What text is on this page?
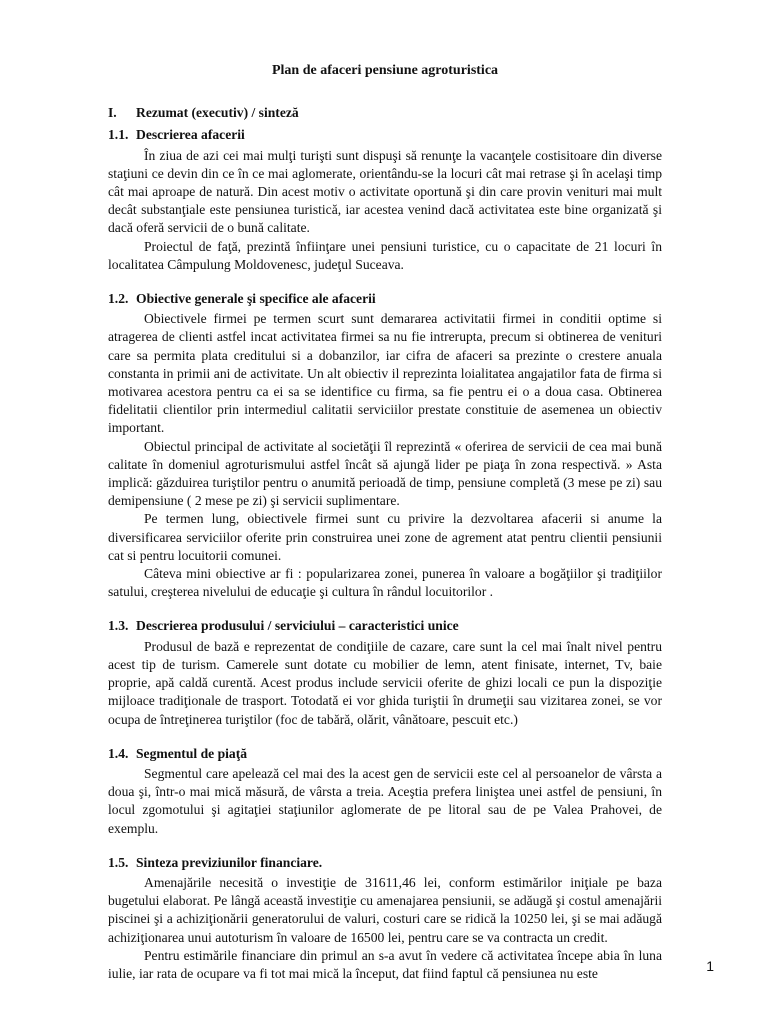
Plan de afaceri pensiune agroturistica
I. Rezumat (executiv) / sinteză
1.1. Descrierea afacerii

În ziua de azi cei mai mulţi turişti sunt dispuşi să renunţe la vacanţele costisitoare din diverse staţiuni ce devin din ce în ce mai aglomerate, orientându-se la locuri cât mai retrase şi în acelaşi timp cât mai aproape de natură. Din acest motiv o activitate oportună şi din care provin venituri mai mult decât substanţiale este pensiunea turistică, iar acestea venind dacă activitatea este bine organizată şi dacă oferă servicii de o bună calitate.

Proiectul de faţă, prezintă înfiinţare unei pensiuni turistice, cu o capacitate de 21 locuri în localitatea Câmpulung Moldovenesc, judeţul Suceava.

1.2. Obiective generale şi specifice ale afacerii

Obiectivele firmei pe termen scurt sunt demararea activitatii firmei in conditii optime si atragerea de clienti astfel incat activitatea firmei sa nu fie intrerupta, precum si obtinerea de venituri care sa permita plata creditului si a dobanzilor, iar cifra de afaceri sa prezinte o crestere anuala constanta in primii ani de activitate. Un alt obiectiv il reprezinta loialitatea angajatilor fata de firma si motivarea acestora pentru ca ei sa se identifice cu firma, sa fie pentru ei o a doua casa. Obtinerea fidelitatii clientilor prin intermediul calitatii serviciilor prestate constituie de asemenea un obiectiv important.

Obiectul principal de activitate al societăţii îl reprezintă « oferirea de servicii de cea mai bună calitate în domeniul agroturismului astfel încât să ajungă lider pe piaţa în zona respectivă. » Asta implică: găzduirea turiştilor pentru o anumită perioadă de timp, pensiune completă (3 mese pe zi) sau demipensiune ( 2 mese pe zi) şi servicii suplimentare.

Pe termen lung, obiectivele firmei sunt cu privire la dezvoltarea afacerii si anume la diversificarea serviciilor oferite prin construirea unei zone de agrement atat pentru clientii pensiunii cat si pentru locuitorii comunei.

Câteva mini obiective ar fi : popularizarea zonei, punerea în valoare a bogăţiilor şi tradiţiilor satului, creşterea nivelului de educaţie şi cultura în rândul locuitorilor .

1.3. Descrierea produsului / serviciului – caracteristici unice

Produsul de bază e reprezentat de condiţiile de cazare, care sunt la cel mai înalt nivel pentru acest tip de turism. Camerele sunt dotate cu mobilier de lemn, atent finisate, internet, Tv, baie proprie, apă caldă curentă. Acest produs include servicii oferite de ghizi locali ce pun la dispoziţie mijloace tradiţionale de trasport. Totodată ei vor ghida turiştii în drumeţii sau vizitarea zonei, se vor ocupa de întreţinerea turiştilor (foc de tabără, olărit, vânătoare, pescuit etc.)

1.4. Segmentul de piaţă

Segmentul care apelează cel mai des la acest gen de servicii este cel al persoanelor de vârsta a doua şi, într-o mai mică măsură, de vârsta a treia. Aceştia prefera liniştea unei astfel de pensiuni, în locul zgomotului şi agitaţiei staţiunilor aglomerate de pe litoral sau de pe Valea Prahovei, de exemplu.

1.5. Sinteza previziunilor financiare.

Amenajările necesită o investiţie de 31611,46 lei, conform estimărilor iniţiale pe baza bugetului elaborat. Pe lângă această investiţie cu amenajarea pensiunii, se adăugă şi costul amenajării piscinei şi a achiziţionării generatorului de valuri, costuri care se ridică la 10250 lei, şi se mai adăugă achiziţionarea unui autoturism în valoare de 16500 lei, pentru care se va contracta un credit.

Pentru estimările financiare din primul an s-a avut în vedere că activitatea începe abia în luna iulie, iar rata de ocupare va fi tot mai mică la început, dat fiind faptul că pensiunea nu este	1
